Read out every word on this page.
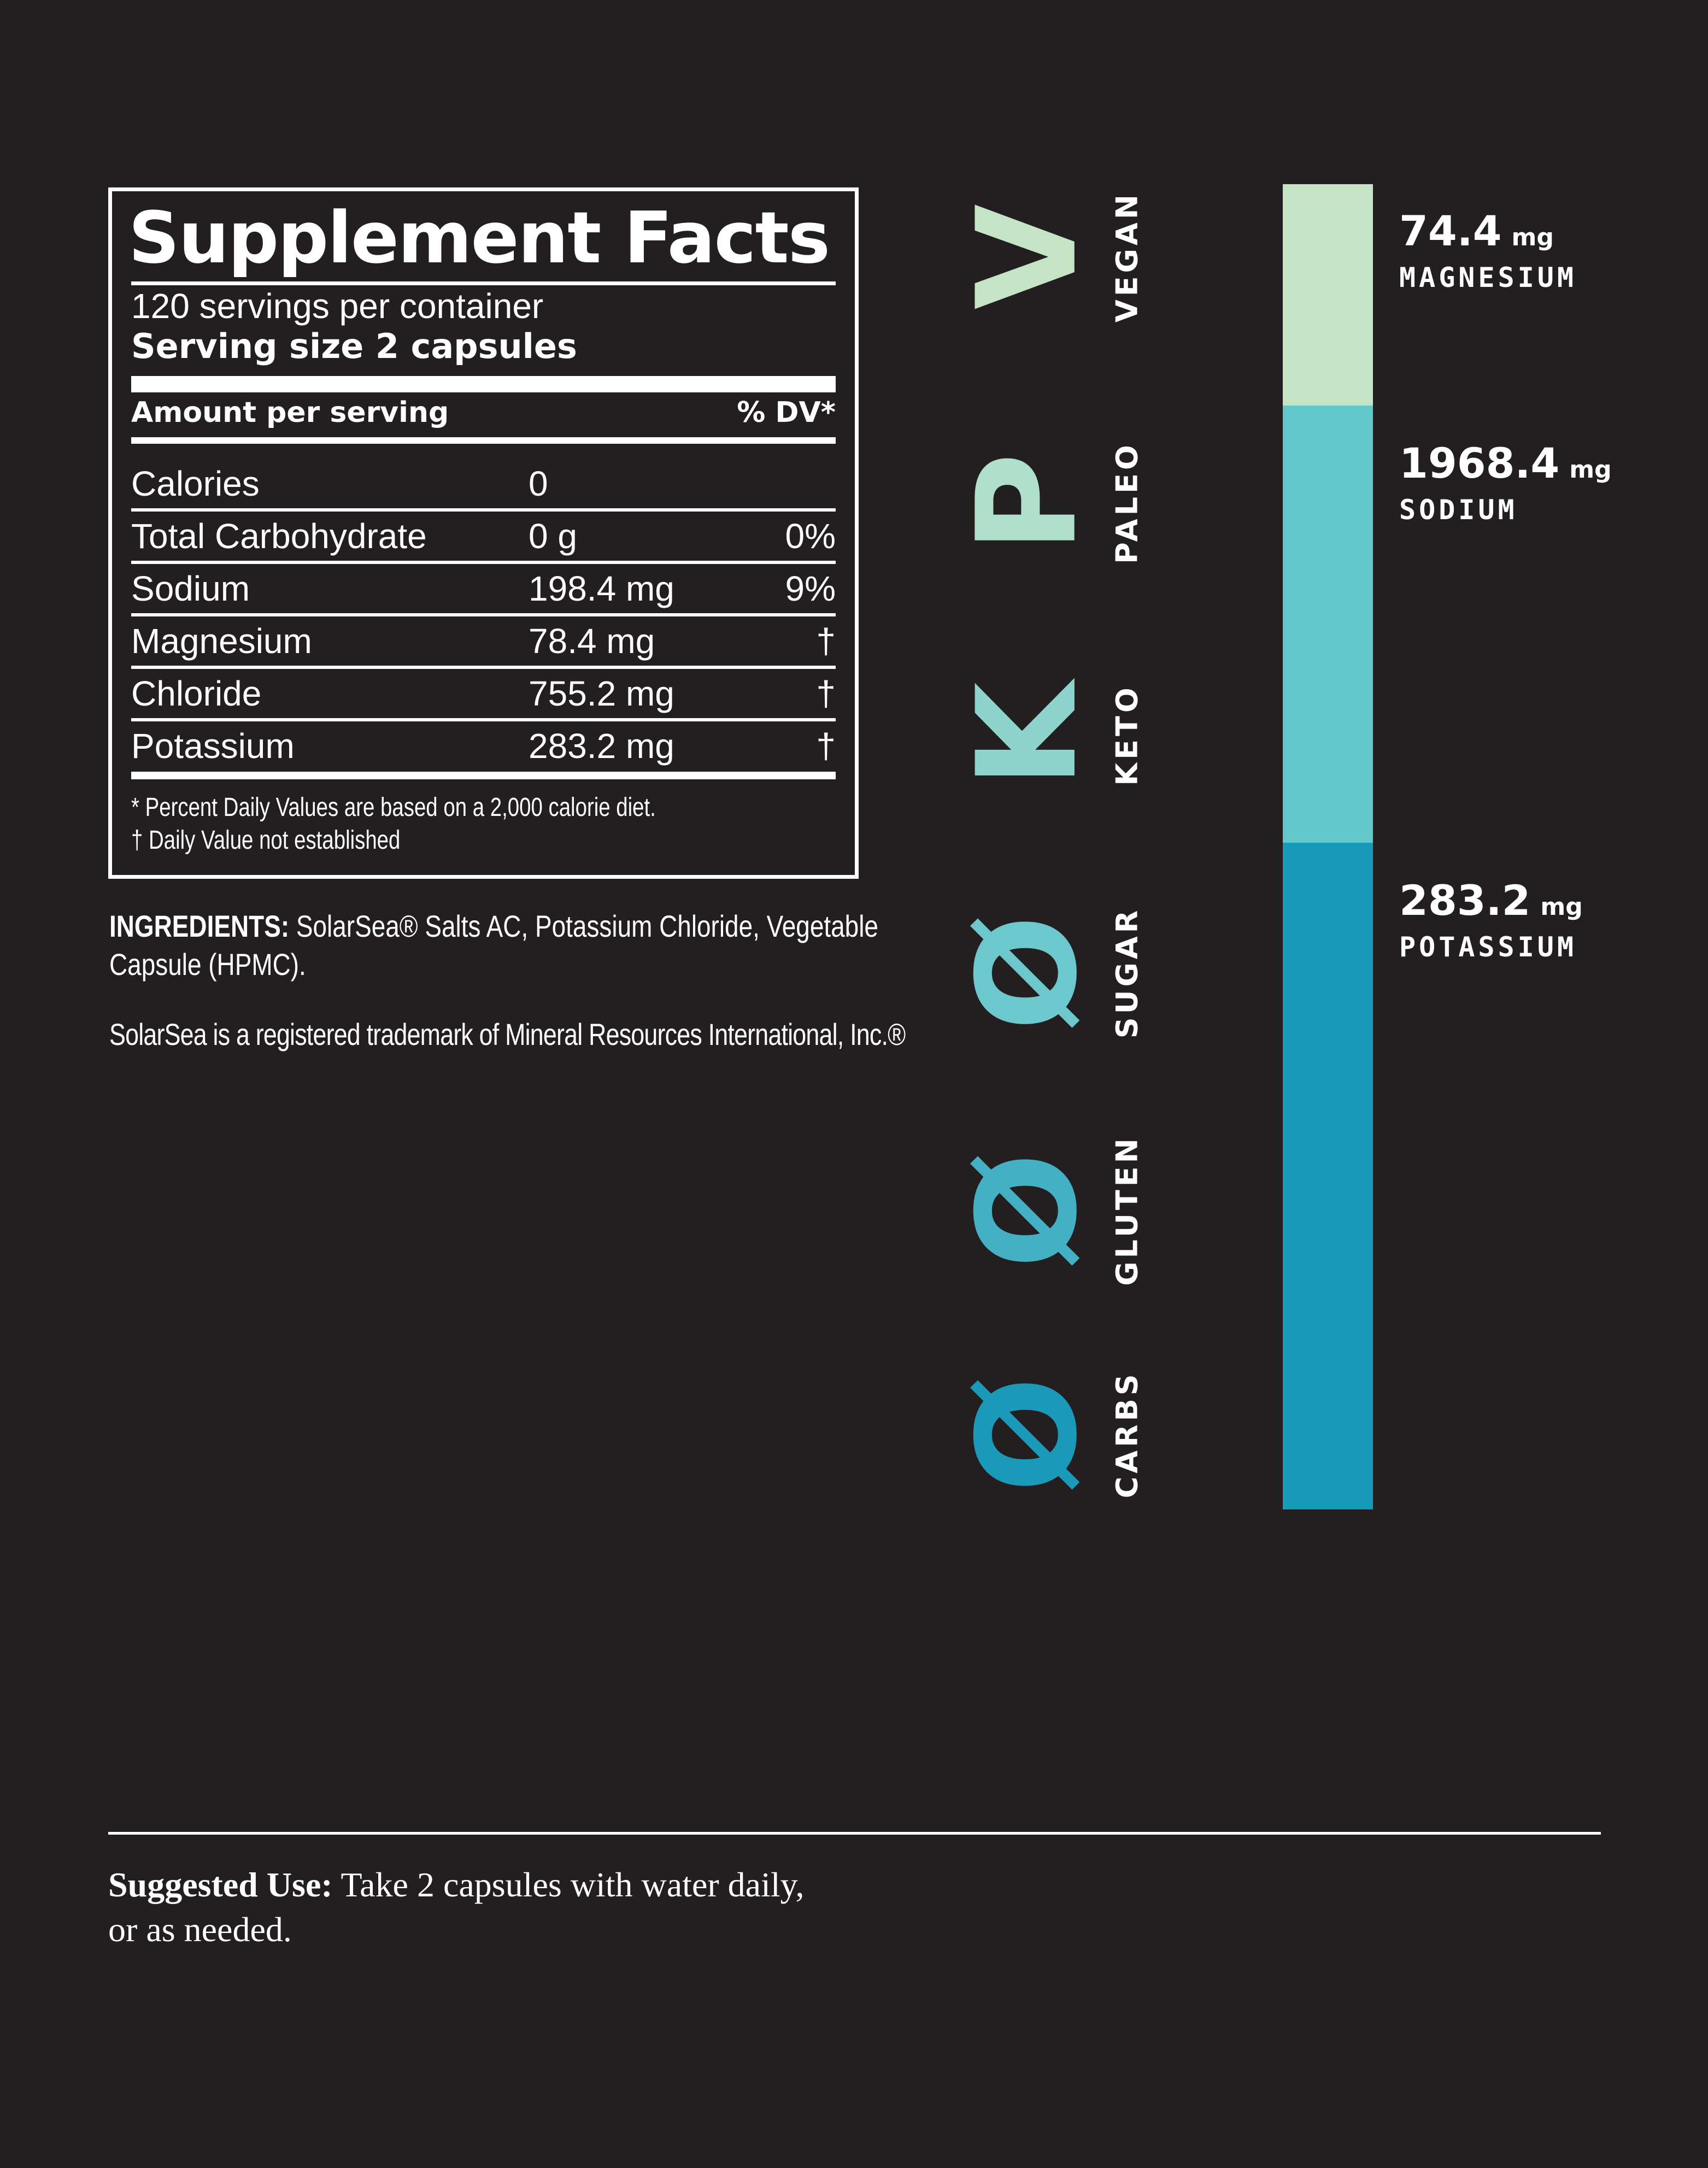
Supplement Facts
120 servings per container
Serving size 2 capsules
Amount per serving	% DV*
Calories	0
Total Carbohydrate	0 g	0%
Sodium	198.4 mg	9%
Magnesium	78.4 mg	†
Chloride	755.2 mg	†
Potassium	283.2 mg	†
* Percent Daily Values are based on a 2,000 calorie diet.
† Daily Value not established
INGREDIENTS: SolarSea® Salts AC, Potassium Chloride, Vegetable Capsule (HPMC).
SolarSea is a registered trademark of Mineral Resources International, Inc.®
V VEGAN
P PALEO
K KETO
Ø SUGAR
Ø GLUTEN
Ø CARBS
74.4 mg
MAGNESIUM
1968.4 mg
SODIUM
283.2 mg
POTASSIUM
Suggested Use: Take 2 capsules with water daily, or as needed.
